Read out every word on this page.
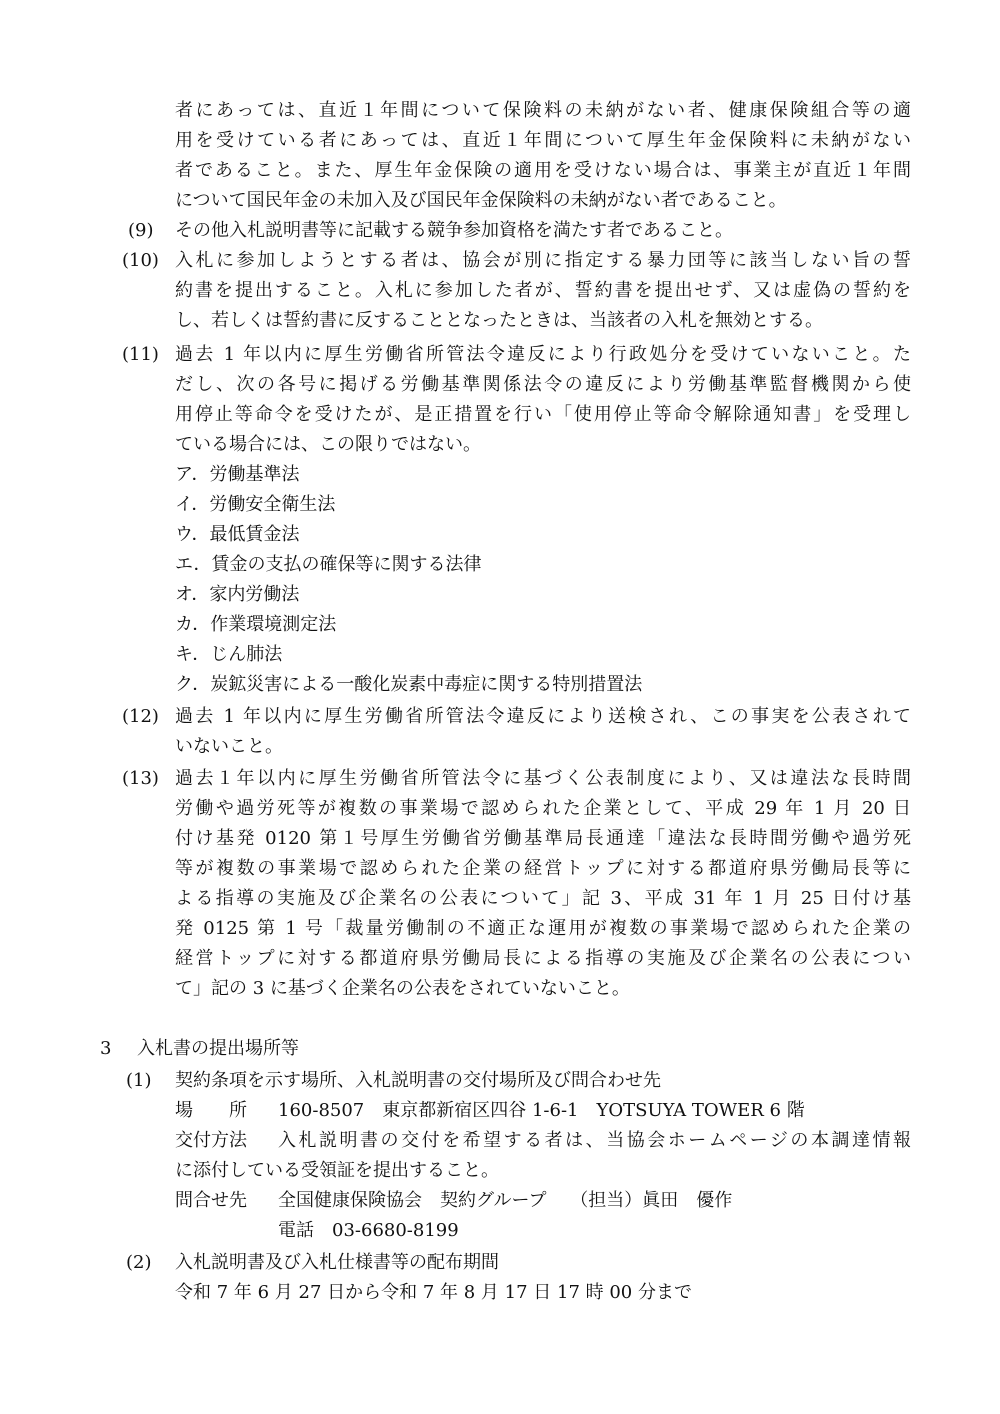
者にあっては、直近１年間について保険料の未納がない者、健康保険組合等の適
用を受けている者にあっては、直近１年間について厚生年金保険料に未納がない
者であること。また、厚生年金保険の適用を受けない場合は、事業主が直近１年間
について国民年金の未加入及び国民年金保険料の未納がない者であること。
(9) その他入札説明書等に記載する競争参加資格を満たす者であること。
(10) 入札に参加しようとする者は、協会が別に指定する暴力団等に該当しない旨の誓
約書を提出すること。入札に参加した者が、誓約書を提出せず、又は虚偽の誓約を
し、若しくは誓約書に反することとなったときは、当該者の入札を無効とする。
(11) 過去 1 年以内に厚生労働省所管法令違反により行政処分を受けていないこと。た
だし、次の各号に掲げる労働基準関係法令の違反により労働基準監督機関から使
用停止等命令を受けたが、是正措置を行い「使用停止等命令解除通知書」を受理し
ている場合には、この限りではない。
ア．労働基準法
イ．労働安全衛生法
ウ．最低賃金法
エ．賃金の支払の確保等に関する法律
オ．家内労働法
カ．作業環境測定法
キ．じん肺法
ク．炭鉱災害による一酸化炭素中毒症に関する特別措置法
(12) 過去 1 年以内に厚生労働省所管法令違反により送検され、この事実を公表されて
いないこと。
(13) 過去１年以内に厚生労働省所管法令に基づく公表制度により、又は違法な長時間
労働や過労死等が複数の事業場で認められた企業として、平成 29 年 1 月 20 日
付け基発 0120 第１号厚生労働省労働基準局長通達「違法な長時間労働や過労死
等が複数の事業場で認められた企業の経営トップに対する都道府県労働局長等に
よる指導の実施及び企業名の公表について」記 3、平成 31 年 1 月 25 日付け基
発 0125 第 1 号「裁量労働制の不適正な運用が複数の事業場で認められた企業の
経営トップに対する都道府県労働局長による指導の実施及び企業名の公表につい
て」記の 3 に基づく企業名の公表をされていないこと。
3 入札書の提出場所等
(1) 契約条項を示す場所、入札説明書の交付場所及び問合わせ先
場　　所 160-8507　東京都新宿区四谷 1-6-1　YOTSUYA TOWER 6 階
交付方法 入札説明書の交付を希望する者は、当協会ホームページの本調達情報
に添付している受領証を提出すること。
問合せ先 全国健康保険協会　契約グループ　 （担当）眞田　優作
電話　03-6680-8199
(2) 入札説明書及び入札仕様書等の配布期間
令和 7 年 6 月 27 日から令和 7 年 8 月 17 日 17 時 00 分まで
